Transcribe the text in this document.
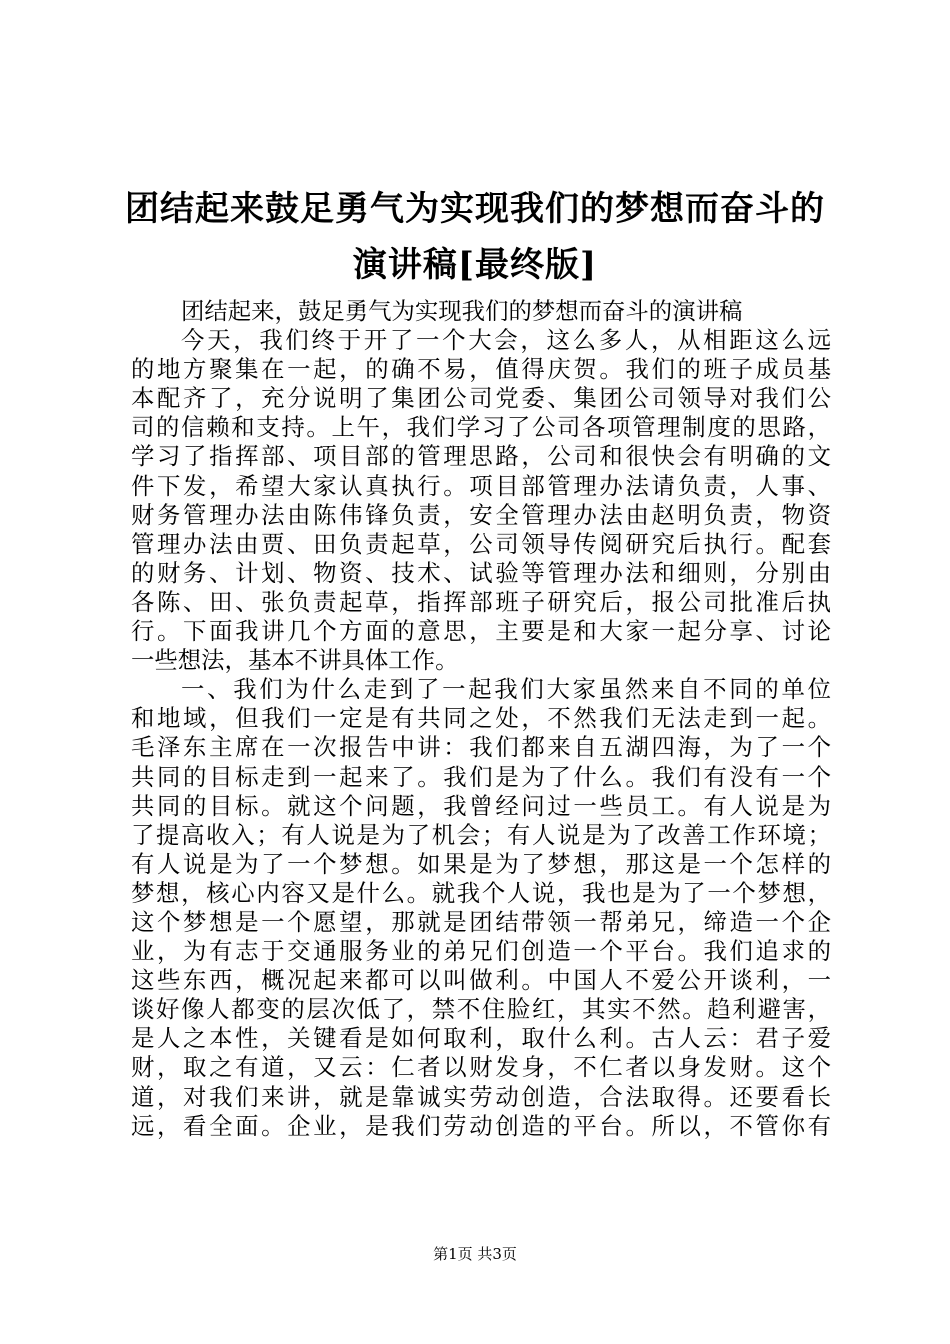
团结起来鼓足勇气为实现我们的梦想而奋斗的
演讲稿[最终版]
团结起来，鼓足勇气为实现我们的梦想而奋斗的演讲稿
今天，我们终于开了一个大会，这么多人，从相距这么远
的地方聚集在一起，的确不易，值得庆贺。我们的班子成员基
本配齐了，充分说明了集团公司党委、集团公司领导对我们公
司的信赖和支持。上午，我们学习了公司各项管理制度的思路，
学习了指挥部、项目部的管理思路，公司和很快会有明确的文
件下发，希望大家认真执行。项目部管理办法请负责，人事、
财务管理办法由陈伟锋负责，安全管理办法由赵明负责，物资
管理办法由贾、田负责起草，公司领导传阅研究后执行。配套
的财务、计划、物资、技术、试验等管理办法和细则，分别由
各陈、田、张负责起草，指挥部班子研究后，报公司批准后执
行。下面我讲几个方面的意思，主要是和大家一起分享、讨论
一些想法，基本不讲具体工作。
一、我们为什么走到了一起我们大家虽然来自不同的单位
和地域，但我们一定是有共同之处，不然我们无法走到一起。
毛泽东主席在一次报告中讲：我们都来自五湖四海，为了一个
共同的目标走到一起来了。我们是为了什么。我们有没有一个
共同的目标。就这个问题，我曾经问过一些员工。有人说是为
了提高收入；有人说是为了机会；有人说是为了改善工作环境；
有人说是为了一个梦想。如果是为了梦想，那这是一个怎样的
梦想，核心内容又是什么。就我个人说，我也是为了一个梦想，
这个梦想是一个愿望，那就是团结带领一帮弟兄，缔造一个企
业，为有志于交通服务业的弟兄们创造一个平台。我们追求的
这些东西，概况起来都可以叫做利。中国人不爱公开谈利，一
谈好像人都变的层次低了，禁不住脸红，其实不然。趋利避害，
是人之本性，关键看是如何取利，取什么利。古人云：君子爱
财，取之有道，又云：仁者以财发身，不仁者以身发财。这个
道，对我们来讲，就是靠诚实劳动创造，合法取得。还要看长
远，看全面。企业，是我们劳动创造的平台。所以，不管你有
第1页 共3页
